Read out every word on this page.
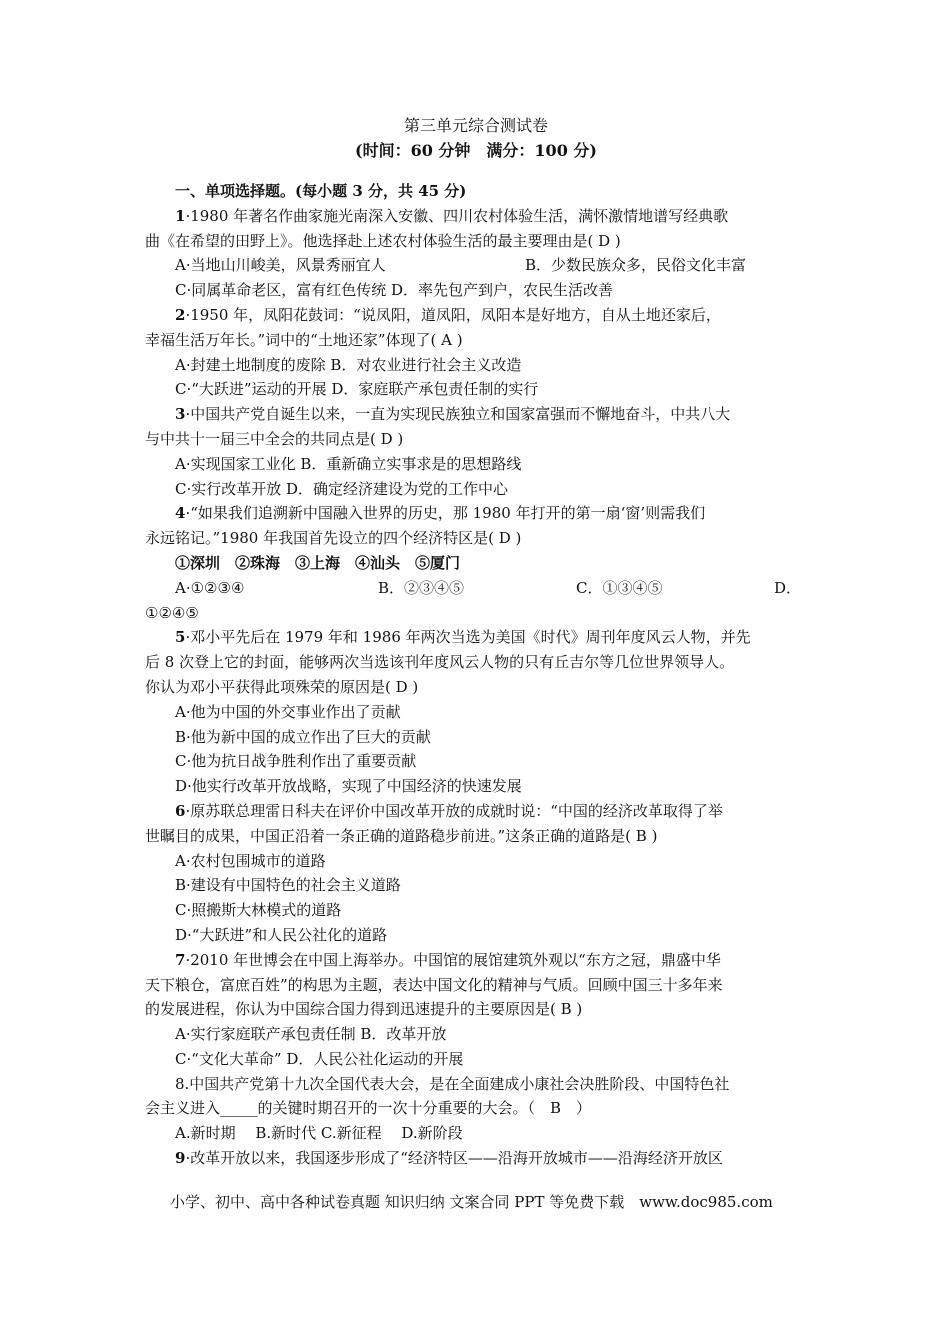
第三单元综合测试卷
(时间：60 分钟　满分：100 分)

一、单项选择题。(每小题 3 分，共 45 分)

1·1980 年著名作曲家施光南深入安徽、四川农村体验生活，满怀激情地谱写经典歌

曲《在希望的田野上》。他选择赴上述农村体验生活的最主要理由是( D )

A·当地山川峻美，风景秀丽宜人	B．少数民族众多，民俗文化丰富

C·同属革命老区，富有红色传统 D．率先包产到户，农民生活改善

2·1950 年，凤阳花鼓词：“说凤阳，道凤阳，凤阳本是好地方，自从土地还家后，

幸福生活万年长。”词中的“土地还家”体现了( A )

A·封建土地制度的废除 B．对农业进行社会主义改造

C·“大跃进”运动的开展 D．家庭联产承包责任制的实行

3·中国共产党自诞生以来，一直为实现民族独立和国家富强而不懈地奋斗，中共八大

与中共十一届三中全会的共同点是( D )

A·实现国家工业化 B．重新确立实事求是的思想路线

C·实行改革开放 D．确定经济建设为党的工作中心

4·“如果我们追溯新中国融入世界的历史，那 1980 年打开的第一扇‘窗’则需我们

永远铭记。”1980 年我国首先设立的四个经济特区是( D )

①深圳　②珠海　③上海　④汕头　⑤厦门

A·①②③④	B．②③④⑤	C．①③④⑤	D．

①②④⑤

5·邓小平先后在 1979 年和 1986 年两次当选为美国《时代》周刊年度风云人物，并先

后 8 次登上它的封面，能够两次当选该刊年度风云人物的只有丘吉尔等几位世界领导人。

你认为邓小平获得此项殊荣的原因是( D )

A·他为中国的外交事业作出了贡献

B·他为新中国的成立作出了巨大的贡献

C·他为抗日战争胜利作出了重要贡献

D·他实行改革开放战略，实现了中国经济的快速发展

6·原苏联总理雷日科夫在评价中国改革开放的成就时说：“中国的经济改革取得了举

世瞩目的成果，中国正沿着一条正确的道路稳步前进。”这条正确的道路是( B )

A·农村包围城市的道路

B·建设有中国特色的社会主义道路

C·照搬斯大林模式的道路

D·“大跃进”和人民公社化的道路

7·2010 年世博会在中国上海举办。中国馆的展馆建筑外观以“东方之冠，鼎盛中华

天下粮仓，富庶百姓”的构思为主题，表达中国文化的精神与气质。回顾中国三十多年来

的发展进程，你认为中国综合国力得到迅速提升的主要原因是( B )

A·实行家庭联产承包责任制 B．改革开放

C·“文化大革命” D．人民公社化运动的开展

8.中国共产党第十九次全国代表大会，是在全面建成小康社会决胜阶段、中国特色社

会主义进入_____的关键时期召开的一次十分重要的大会。（　B　）

A.新时期　 B.新时代 C.新征程　 D.新阶段

9·改革开放以来，我国逐步形成了“经济特区——沿海开放城市——沿海经济开放区

小学、初中、高中各种试卷真题 知识归纳 文案合同 PPT 等免费下载　www.doc985.com
